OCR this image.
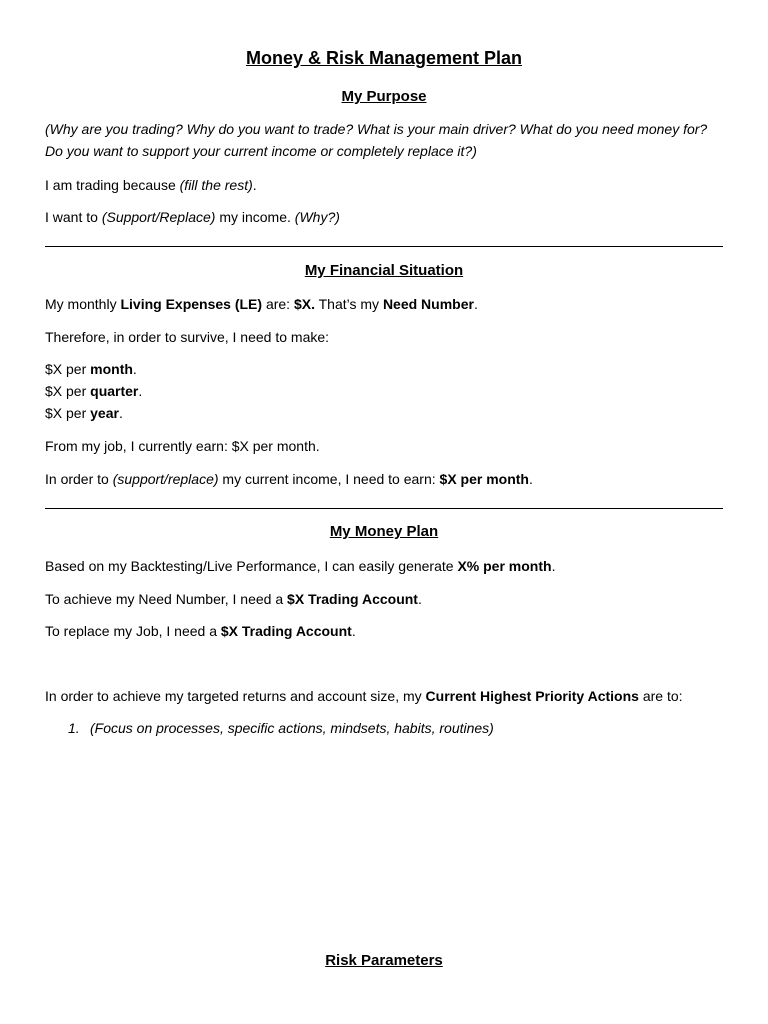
Money & Risk Management Plan
My Purpose

(Why are you trading? Why do you want to trade? What is your main driver? What do you need money for? Do you want to support your current income or completely replace it?)

I am trading because (fill the rest).

I want to (Support/Replace) my income. (Why?)

My Financial Situation

My monthly Living Expenses (LE) are: $X. That’s my Need Number.

Therefore, in order to survive, I need to make:

$X per month.

$X per quarter.

$X per year.

From my job, I currently earn: $X per month.

In order to (support/replace) my current income, I need to earn: $X per month.

My Money Plan

Based on my Backtesting/Live Performance, I can easily generate X% per month.

To achieve my Need Number, I need a $X Trading Account.

To replace my Job, I need a $X Trading Account.

In order to achieve my targeted returns and account size, my Current Highest Priority Actions are to:

1. (Focus on processes, specific actions, mindsets, habits, routines)

Risk Parameters
